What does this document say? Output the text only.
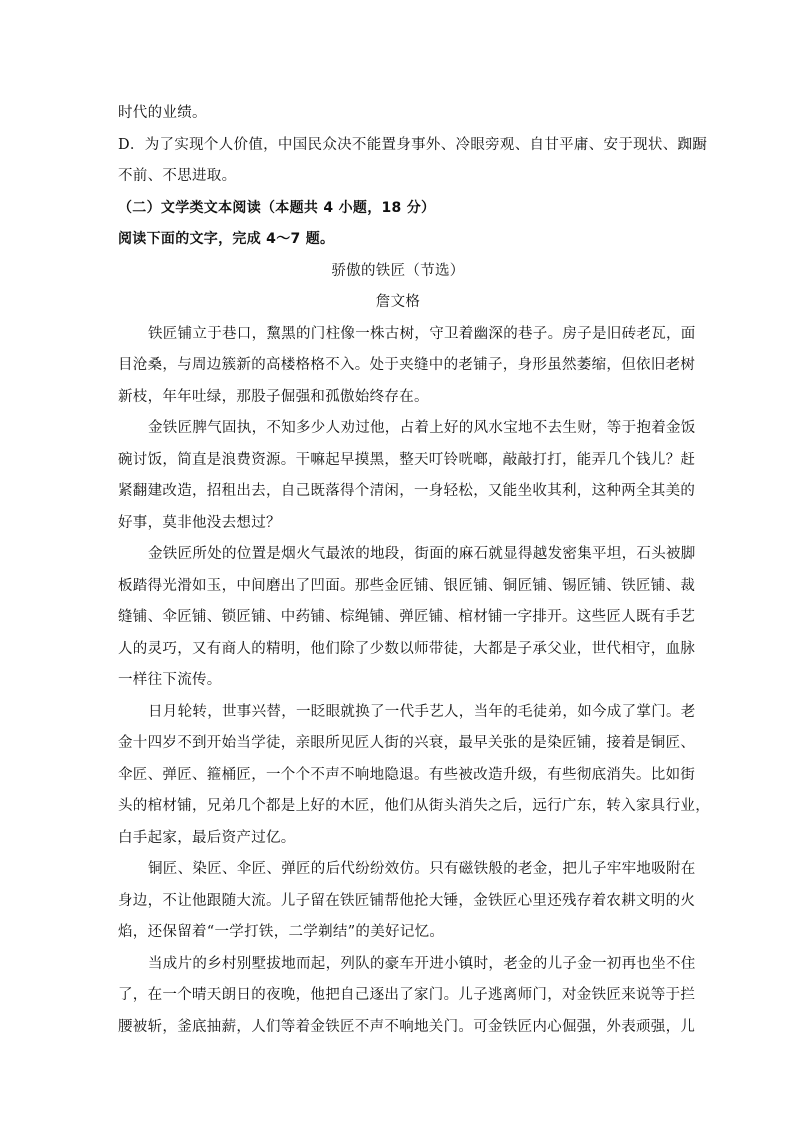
时代的业绩。
D．为了实现个人价值，中国民众决不能置身事外、冷眼旁观、自甘平庸、安于现状、踟蹰
不前、不思进取。
（二）文学类文本阅读（本题共 4 小题，18 分）
阅读下面的文字，完成 4～7 题。
骄傲的铁匠（节选）
詹文格
铁匠铺立于巷口，黧黑的门柱像一株古树，守卫着幽深的巷子。房子是旧砖老瓦，面
目沧桑，与周边簇新的高楼格格不入。处于夹缝中的老铺子，身形虽然萎缩，但依旧老树
新枝，年年吐绿，那股子倔强和孤傲始终存在。
金铁匠脾气固执，不知多少人劝过他，占着上好的风水宝地不去生财，等于抱着金饭
碗讨饭，简直是浪费资源。干嘛起早摸黑，整天叮铃咣啷，敲敲打打，能弄几个钱儿？赶
紧翻建改造，招租出去，自己既落得个清闲，一身轻松，又能坐收其利，这种两全其美的
好事，莫非他没去想过？
金铁匠所处的位置是烟火气最浓的地段，街面的麻石就显得越发密集平坦，石头被脚
板踏得光滑如玉，中间磨出了凹面。那些金匠铺、银匠铺、铜匠铺、锡匠铺、铁匠铺、裁
缝铺、伞匠铺、锁匠铺、中药铺、棕绳铺、弹匠铺、棺材铺一字排开。这些匠人既有手艺
人的灵巧，又有商人的精明，他们除了少数以师带徒，大都是子承父业，世代相守，血脉
一样往下流传。
日月轮转，世事兴替，一眨眼就换了一代手艺人，当年的毛徒弟，如今成了掌门。老
金十四岁不到开始当学徒，亲眼所见匠人街的兴衰，最早关张的是染匠铺，接着是铜匠、
伞匠、弹匠、箍桶匠，一个个不声不响地隐退。有些被改造升级，有些彻底消失。比如街
头的棺材铺，兄弟几个都是上好的木匠，他们从街头消失之后，远行广东，转入家具行业，
白手起家，最后资产过亿。
铜匠、染匠、伞匠、弹匠的后代纷纷效仿。只有磁铁般的老金，把儿子牢牢地吸附在
身边，不让他跟随大流。儿子留在铁匠铺帮他抡大锤，金铁匠心里还残存着农耕文明的火
焰，还保留着“一学打铁，二学剃结”的美好记忆。
当成片的乡村别墅拔地而起，列队的豪车开进小镇时，老金的儿子金一初再也坐不住
了，在一个晴天朗日的夜晚，他把自己逐出了家门。儿子逃离师门，对金铁匠来说等于拦
腰被斩，釜底抽薪，人们等着金铁匠不声不响地关门。可金铁匠内心倔强，外表顽强，儿
